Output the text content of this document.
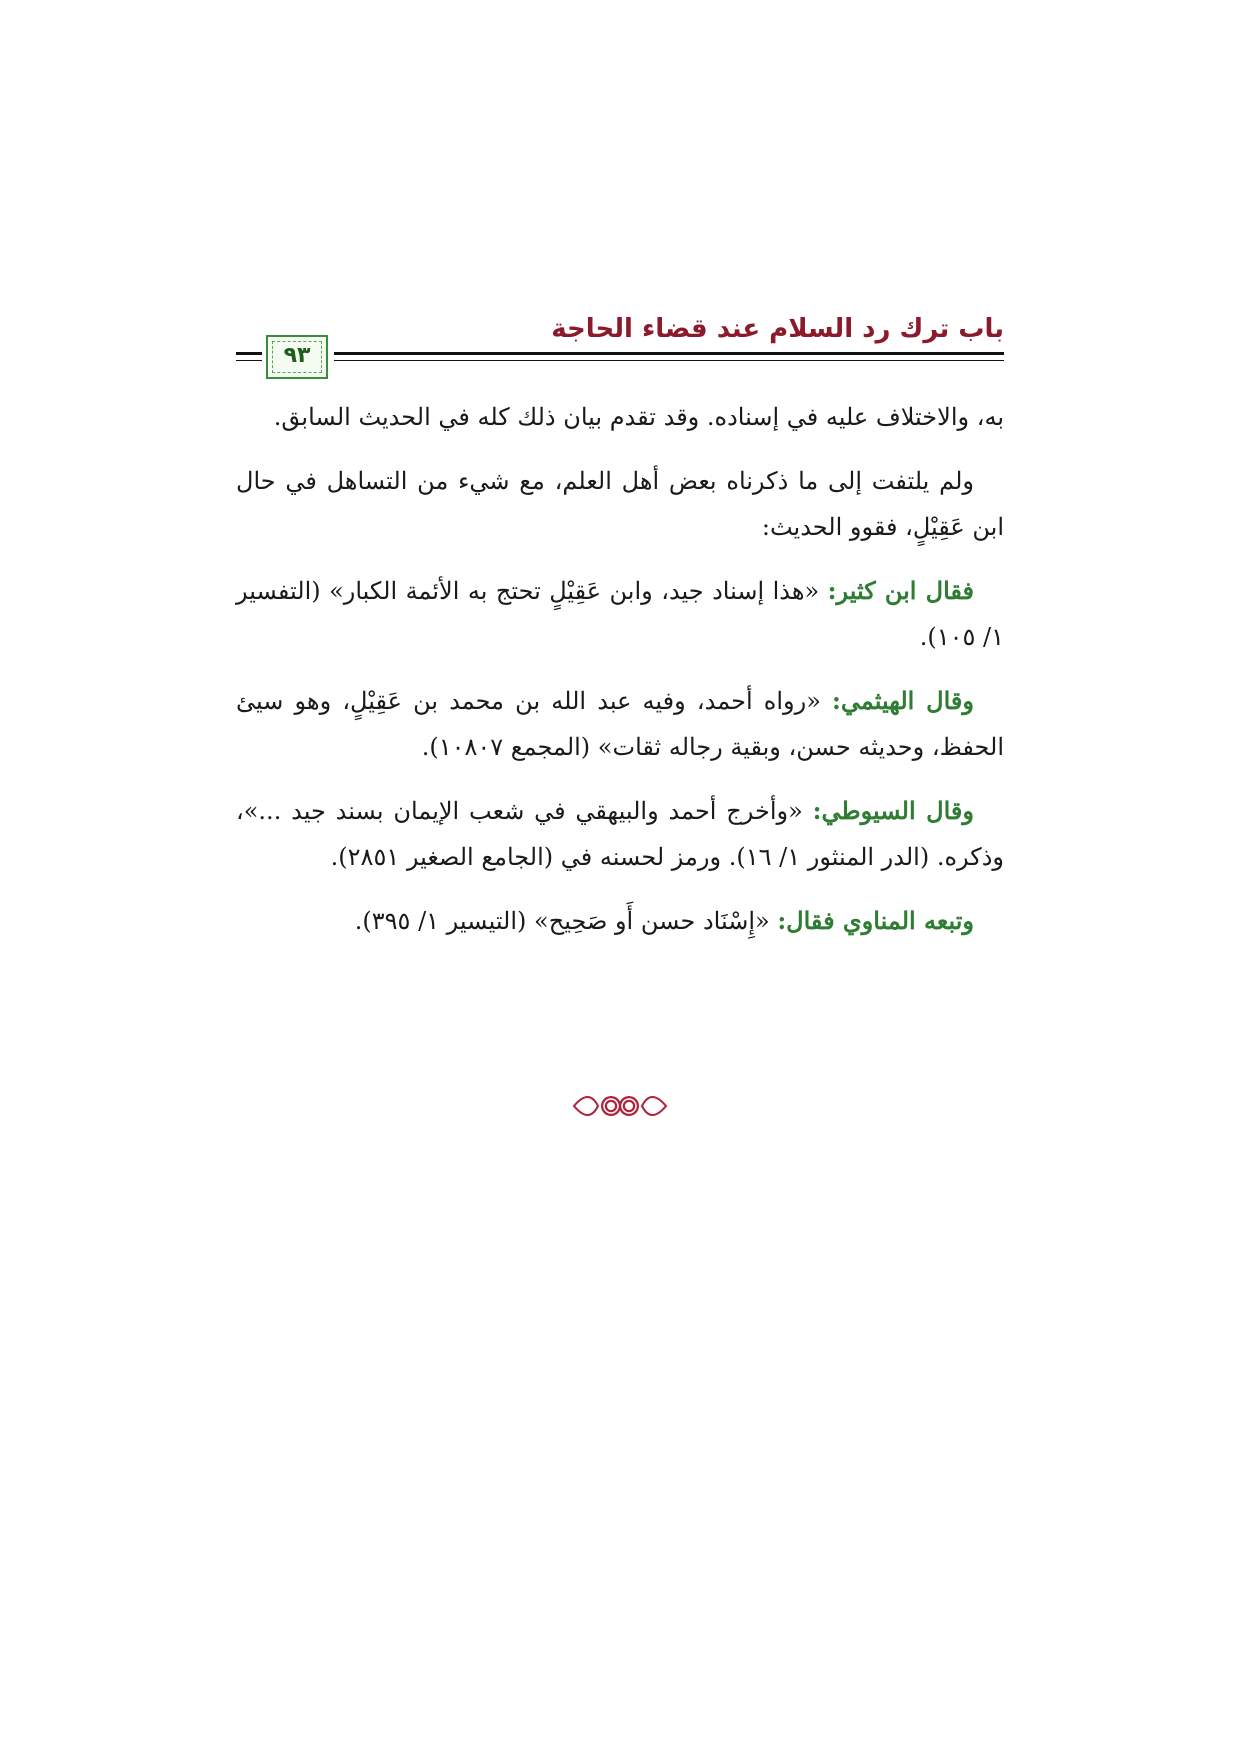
باب ترك رد السلام عند قضاء الحاجة
٩٣

به، والاختلاف عليه في إسناده. وقد تقدم بيان ذلك كله في الحديث السابق.

ولم يلتفت إلى ما ذكرناه بعض أهل العلم، مع شيء من التساهل في حال ابن عَقِيْلٍ، فقوو الحديث:

فقال ابن كثير: «هذا إسناد جيد، وابن عَقِيْلٍ تحتج به الأئمة الكبار» (التفسير ١/ ١٠٥).

وقال الهيثمي: «رواه أحمد، وفيه عبد الله بن محمد بن عَقِيْلٍ، وهو سيئ الحفظ، وحديثه حسن، وبقية رجاله ثقات» (المجمع ١٠٨٠٧).

وقال السيوطي: «وأخرج أحمد والبيهقي في شعب الإيمان بسند جيد ...»، وذكره. (الدر المنثور ١/ ١٦). ورمز لحسنه في (الجامع الصغير ٢٨٥١).

وتبعه المناوي فقال: «إِسْنَاد حسن أَو صَحِيح» (التيسير ١/ ٣٩٥).
